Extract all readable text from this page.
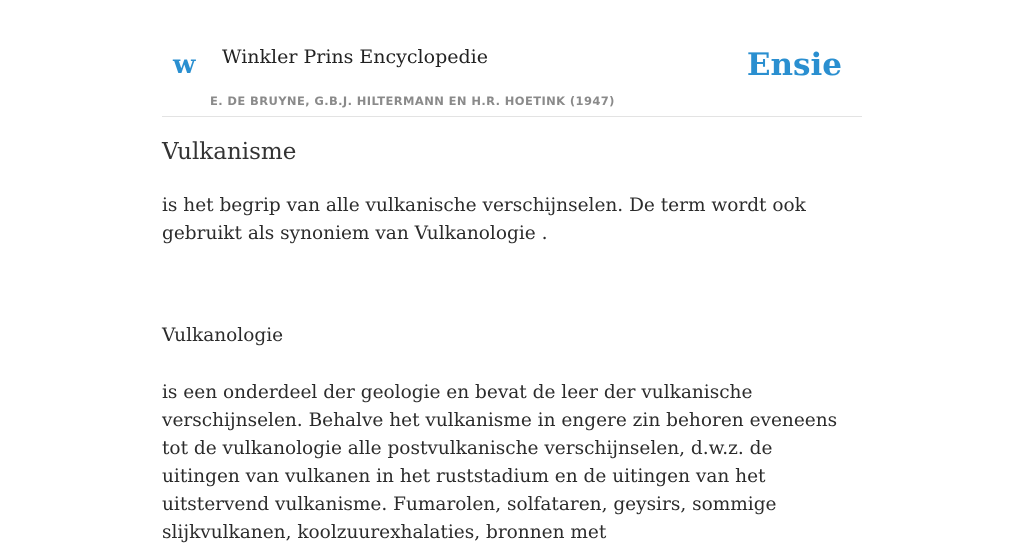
w Winkler Prins Encyclopedie
E. DE BRUYNE, G.B.J. HILTERMANN EN H.R. HOETINK (1947)
Ensie
Vulkanisme

is het begrip van alle vulkanische verschijnselen. De term wordt ook gebruikt als synoniem van Vulkanologie .

Vulkanologie

is een onderdeel der geologie en bevat de leer der vulkanische verschijnselen. Behalve het vulkanisme in engere zin behoren eveneens tot de vulkanologie alle postvulkanische verschijnselen, d.w.z. de uitingen van vulkanen in het ruststadium en de uitingen van het uitstervend vulkanisme. Fumarolen, solfataren, geysirs, sommige slijkvulkanen, koolzuurexhalaties, bronnen met
